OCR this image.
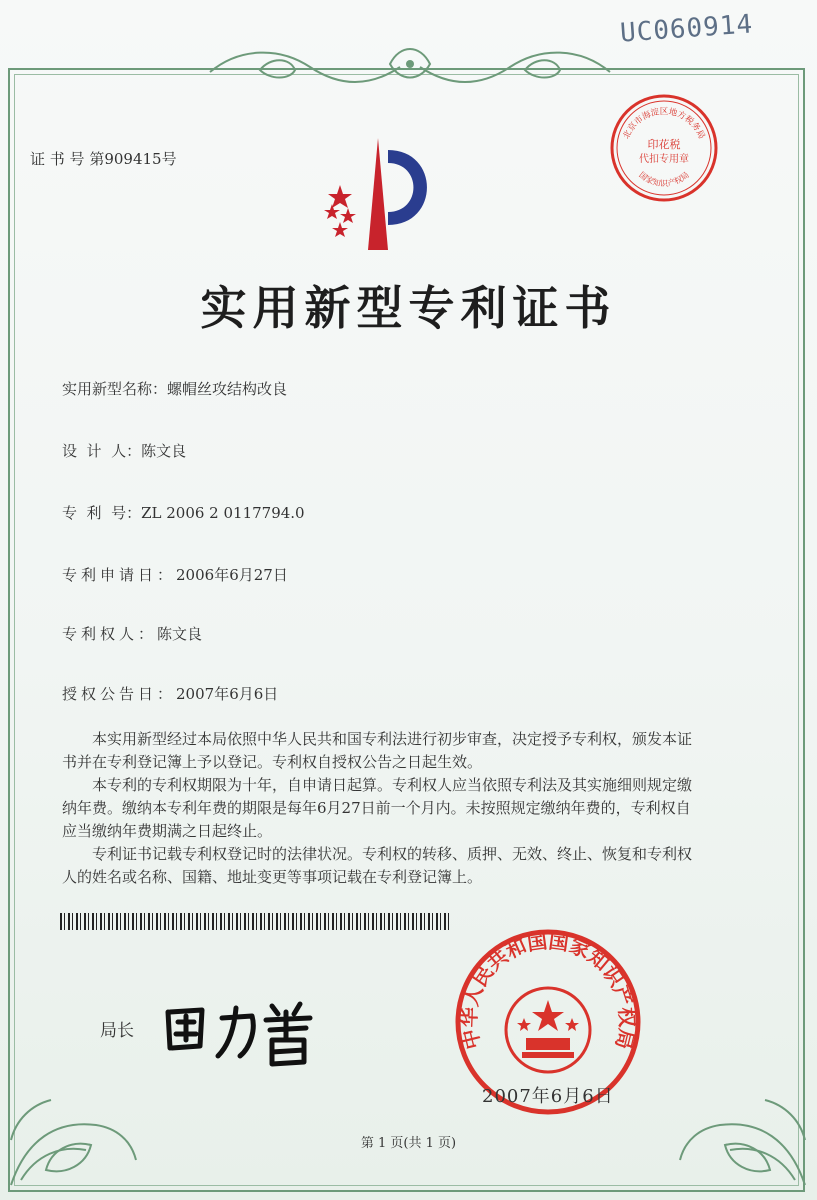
UC060914
证 书 号 第909415号
实用新型专利证书
实用新型名称：螺帽丝攻结构改良
设  计  人：陈文良
专  利  号：ZL 2006 2 0117794.0
专利申请日：2006年6月27日
专利权人：陈文良
授权公告日：2007年6月6日

本实用新型经过本局依照中华人民共和国专利法进行初步审查，决定授予专利权，颁发本证书并在专利登记簿上予以登记。专利权自授权公告之日起生效。

本专利的专利权期限为十年，自申请日起算。专利权人应当依照专利法及其实施细则规定缴纳年费。缴纳本专利年费的期限是每年6月27日前一个月内。未按照规定缴纳年费的，专利权自应当缴纳年费期满之日起终止。

专利证书记载专利权登记时的法律状况。专利权的转移、质押、无效、终止、恢复和专利权人的姓名或名称、国籍、地址变更等事项记载在专利登记簿上。

局长
北京市海淀区地方税务局
印花税
代扣专用章
国家知识产权局
中华人民共和国国家知识产权局
2007年6月6日
第 1 页(共 1 页)
